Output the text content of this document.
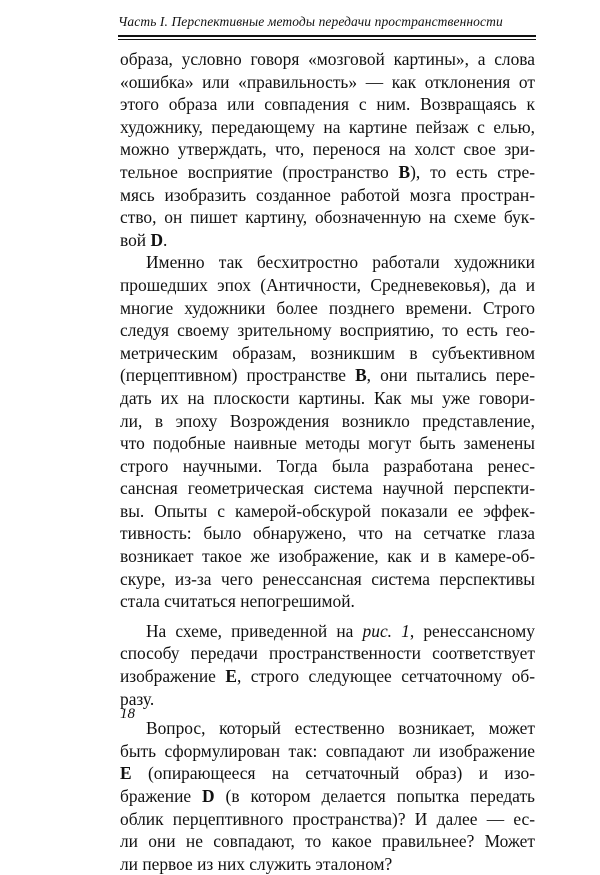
Часть I. Перспективные методы передачи пространственности
образа, условно говоря «мозговой картины», а слова
«ошибка» или «правильность» — как отклонения от
этого образа или совпадения с ним. Возвращаясь к
художнику, передающему на картине пейзаж с елью,
можно утверждать, что, перенося на холст свое зри-
тельное восприятие (пространство B), то есть стре-
мясь изобразить созданное работой мозга простран-
ство, он пишет картину, обозначенную на схеме бук-
вой D.
Именно так бесхитростно работали художники
прошедших эпох (Античности, Средневековья), да и
многие художники более позднего времени. Строго
следуя своему зрительному восприятию, то есть гео-
метрическим образам, возникшим в субъективном
(перцептивном) пространстве B, они пытались пере-
дать их на плоскости картины. Как мы уже говори-
ли, в эпоху Возрождения возникло представление,
что подобные наивные методы могут быть заменены
строго научными. Тогда была разработана ренес-
сансная геометрическая система научной перспекти-
вы. Опыты с камерой-обскурой показали ее эффек-
тивность: было обнаружено, что на сетчатке глаза
возникает такое же изображение, как и в камере-об-
скуре, из-за чего ренессансная система перспективы
стала считаться непогрешимой.
На схеме, приведенной на рис. 1, ренессансному
способу передачи пространственности соответствует
изображение E, строго следующее сетчаточному об-
разу.
Вопрос, который естественно возникает, может
быть сформулирован так: совпадают ли изображение
E (опирающееся на сетчаточный образ) и изо-
бражение D (в котором делается попытка передать
облик перцептивного пространства)? И далее — ес-
ли они не совпадают, то какое правильнее? Может
ли первое из них служить эталоном?
18
